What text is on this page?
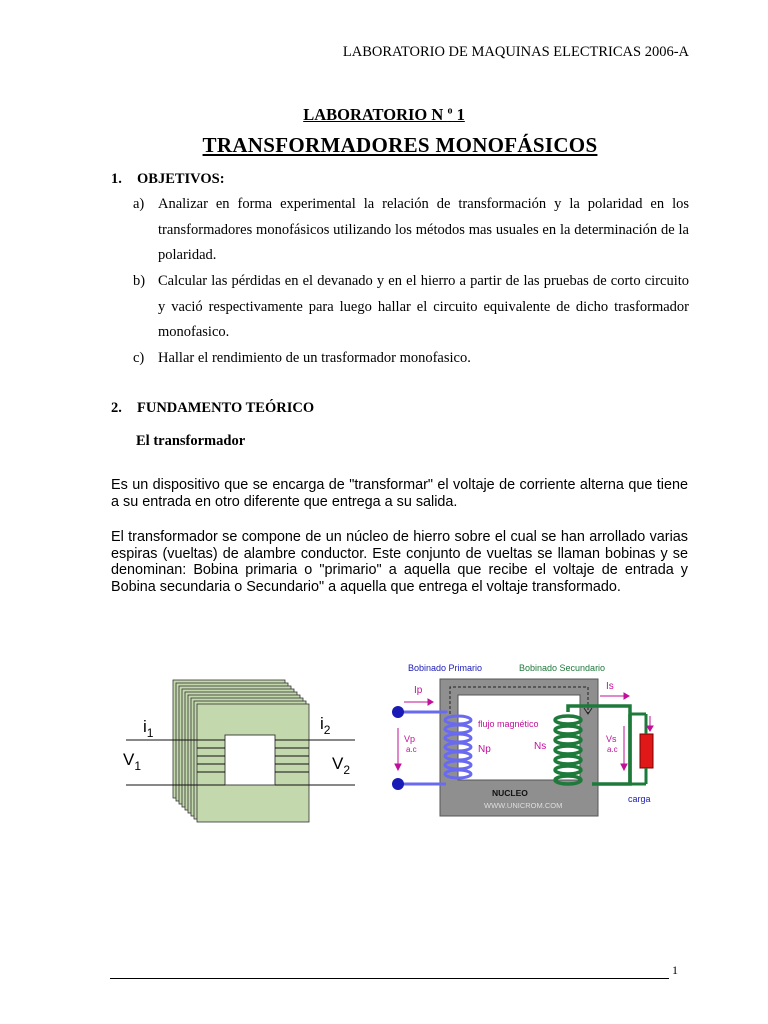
LABORATORIO DE MAQUINAS ELECTRICAS 2006-A
LABORATORIO N $^o$ 1
TRANSFORMADORES MONOFÁSICOS
1. OBJETIVOS:
a) Analizar en forma experimental la relación de transformación y la polaridad en los transformadores monofásicos utilizando los métodos mas usuales en la determinación de la polaridad.
b) Calcular las pérdidas en el devanado y en el hierro a partir de las pruebas de corto circuito y vació respectivamente para luego hallar el circuito equivalente de dicho trasformador monofasico.
c) Hallar el rendimiento de un trasformador monofasico.
2. FUNDAMENTO TEÓRICO
El transformador
Es un dispositivo que se encarga de "transformar" el voltaje de corriente alterna que tiene a su entrada en otro diferente que entrega a su salida.
El transformador se compone de un núcleo de hierro sobre el cual se han arrollado varias espiras (vueltas) de alambre conductor. Este conjunto de vueltas se llaman bobinas y se denominan: Bobina primaria o "primario" a aquella que recibe el voltaje de entrada y Bobina secundaria o Secundario" a aquella que entrega el voltaje transformado.
$i_1$	$i_2$
$V_1$	$V_2$
Bobinado Primario	Bobinado Secundario
Ip	Is
flujo magnético
Np	Ns
Vp
a.c
Vs
a.c
NUCLEO
WWW.UNICROM.COM
carga
1
